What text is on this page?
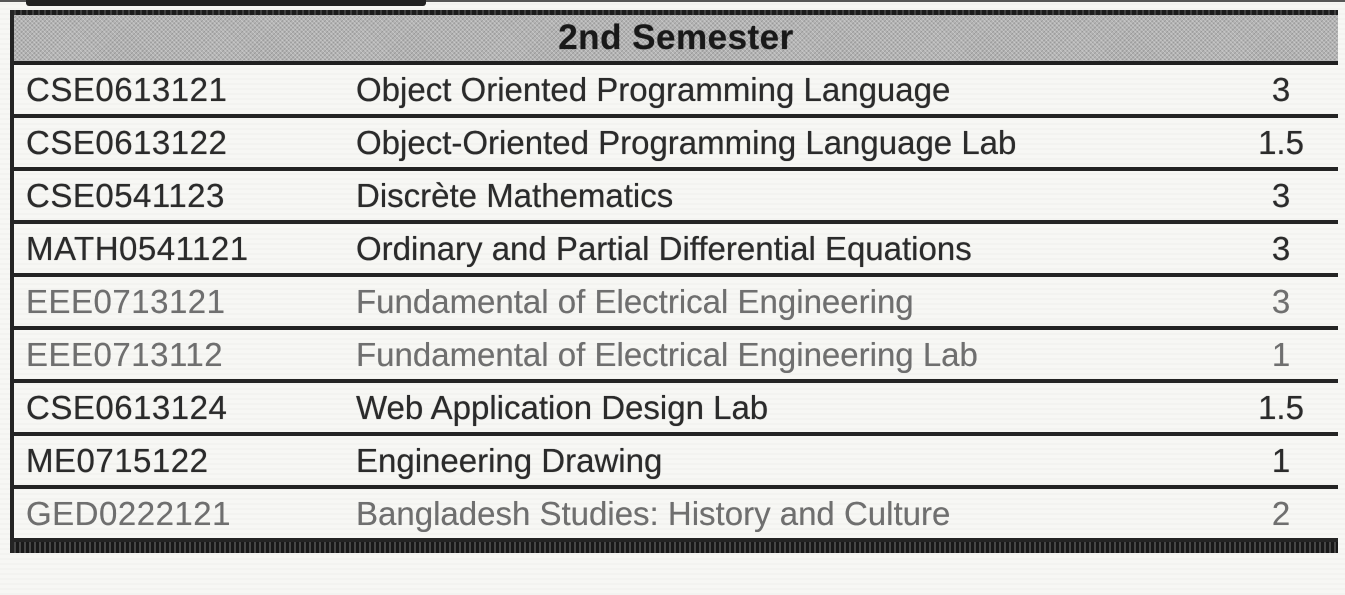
2nd Semester
CSE0613121	Object Oriented Programming Language	3
CSE0613122	Object-Oriented Programming Language Lab	1.5
CSE0541123	Discrète Mathematics	3
MATH0541121	Ordinary and Partial Differential Equations	3
EEE0713121	Fundamental of Electrical Engineering	3
EEE0713112	Fundamental of Electrical Engineering Lab	1
CSE0613124	Web Application Design Lab	1.5
ME0715122	Engineering Drawing	1
GED0222121	Bangladesh Studies: History and Culture	2
